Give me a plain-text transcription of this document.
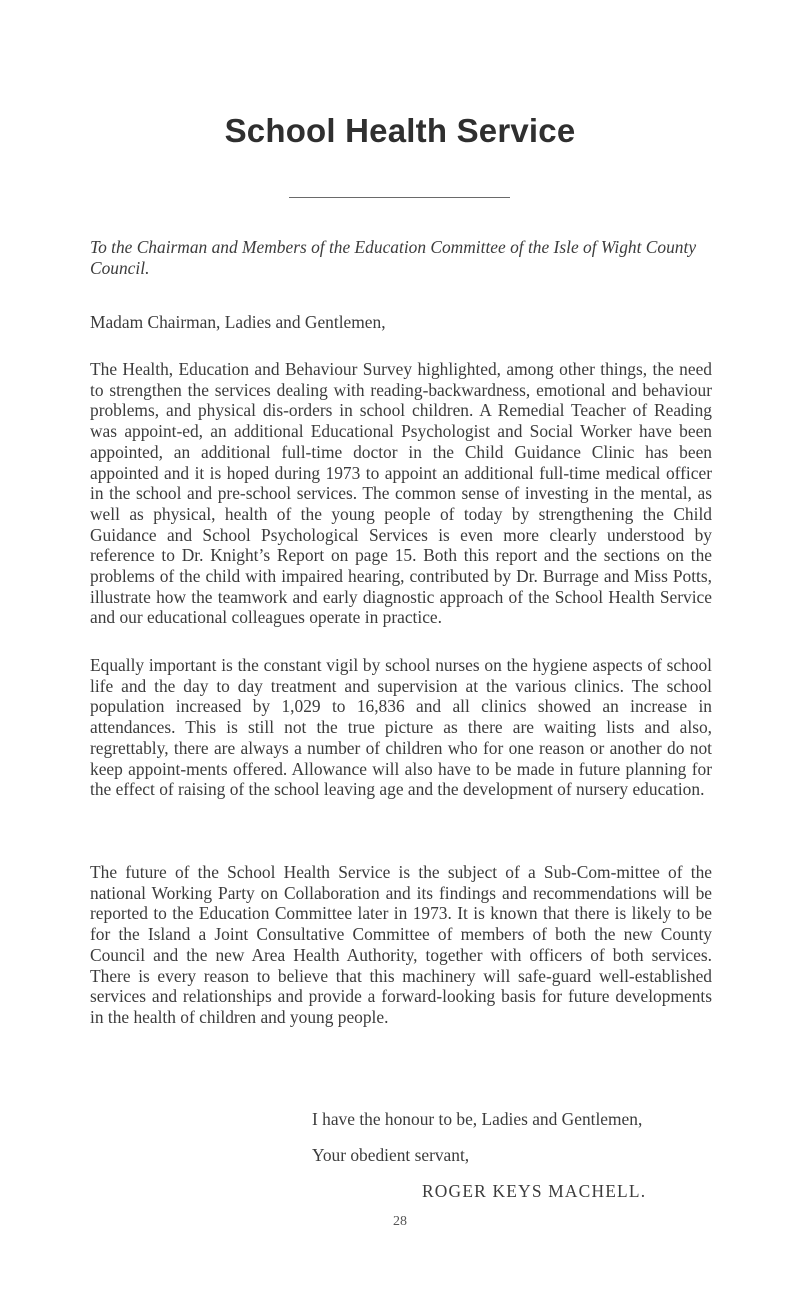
School Health Service
To the Chairman and Members of the Education Committee of the Isle of Wight County Council.
Madam Chairman, Ladies and Gentlemen,
The Health, Education and Behaviour Survey highlighted, among other things, the need to strengthen the services dealing with reading-backwardness, emotional and behaviour problems, and physical dis-orders in school children. A Remedial Teacher of Reading was appoint-ed, an additional Educational Psychologist and Social Worker have been appointed, an additional full-time doctor in the Child Guidance Clinic has been appointed and it is hoped during 1973 to appoint an additional full-time medical officer in the school and pre-school services. The common sense of investing in the mental, as well as physical, health of the young people of today by strengthening the Child Guidance and School Psychological Services is even more clearly understood by reference to Dr. Knight’s Report on page 15. Both this report and the sections on the problems of the child with impaired hearing, contributed by Dr. Burrage and Miss Potts, illustrate how the teamwork and early diagnostic approach of the School Health Service and our educational colleagues operate in practice.
Equally important is the constant vigil by school nurses on the hygiene aspects of school life and the day to day treatment and supervision at the various clinics. The school population increased by 1,029 to 16,836 and all clinics showed an increase in attendances. This is still not the true picture as there are waiting lists and also, regrettably, there are always a number of children who for one reason or another do not keep appoint-ments offered. Allowance will also have to be made in future planning for the effect of raising of the school leaving age and the development of nursery education.
The future of the School Health Service is the subject of a Sub-Com-mittee of the national Working Party on Collaboration and its findings and recommendations will be reported to the Education Committee later in 1973. It is known that there is likely to be for the Island a Joint Consultative Committee of members of both the new County Council and the new Area Health Authority, together with officers of both services. There is every reason to believe that this machinery will safe-guard well-established services and relationships and provide a forward-looking basis for future developments in the health of children and young people.
I have the honour to be, Ladies and Gentlemen,
Your obedient servant,
ROGER KEYS MACHELL.
28
